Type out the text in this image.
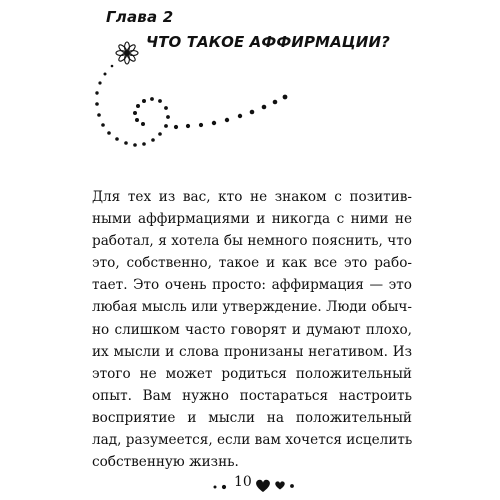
Глава 2
ЧТО ТАКОЕ АФФИРМАЦИИ?
Для тех из вас, кто не знаком с позитив-
ными аффирмациями и никогда с ними не
работал, я хотела бы немного пояснить, что
это, собственно, такое и как все это рабо-
тает. Это очень просто: аффирмация — это
любая мысль или утверждение. Люди обыч-
но слишком часто говорят и думают плохо,
их мысли и слова пронизаны негативом. Из
этого не может родиться положительный
опыт. Вам нужно постараться настроить
восприятие и мысли на положительный
лад, разумеется, если вам хочется исцелить
собственную жизнь.
10
